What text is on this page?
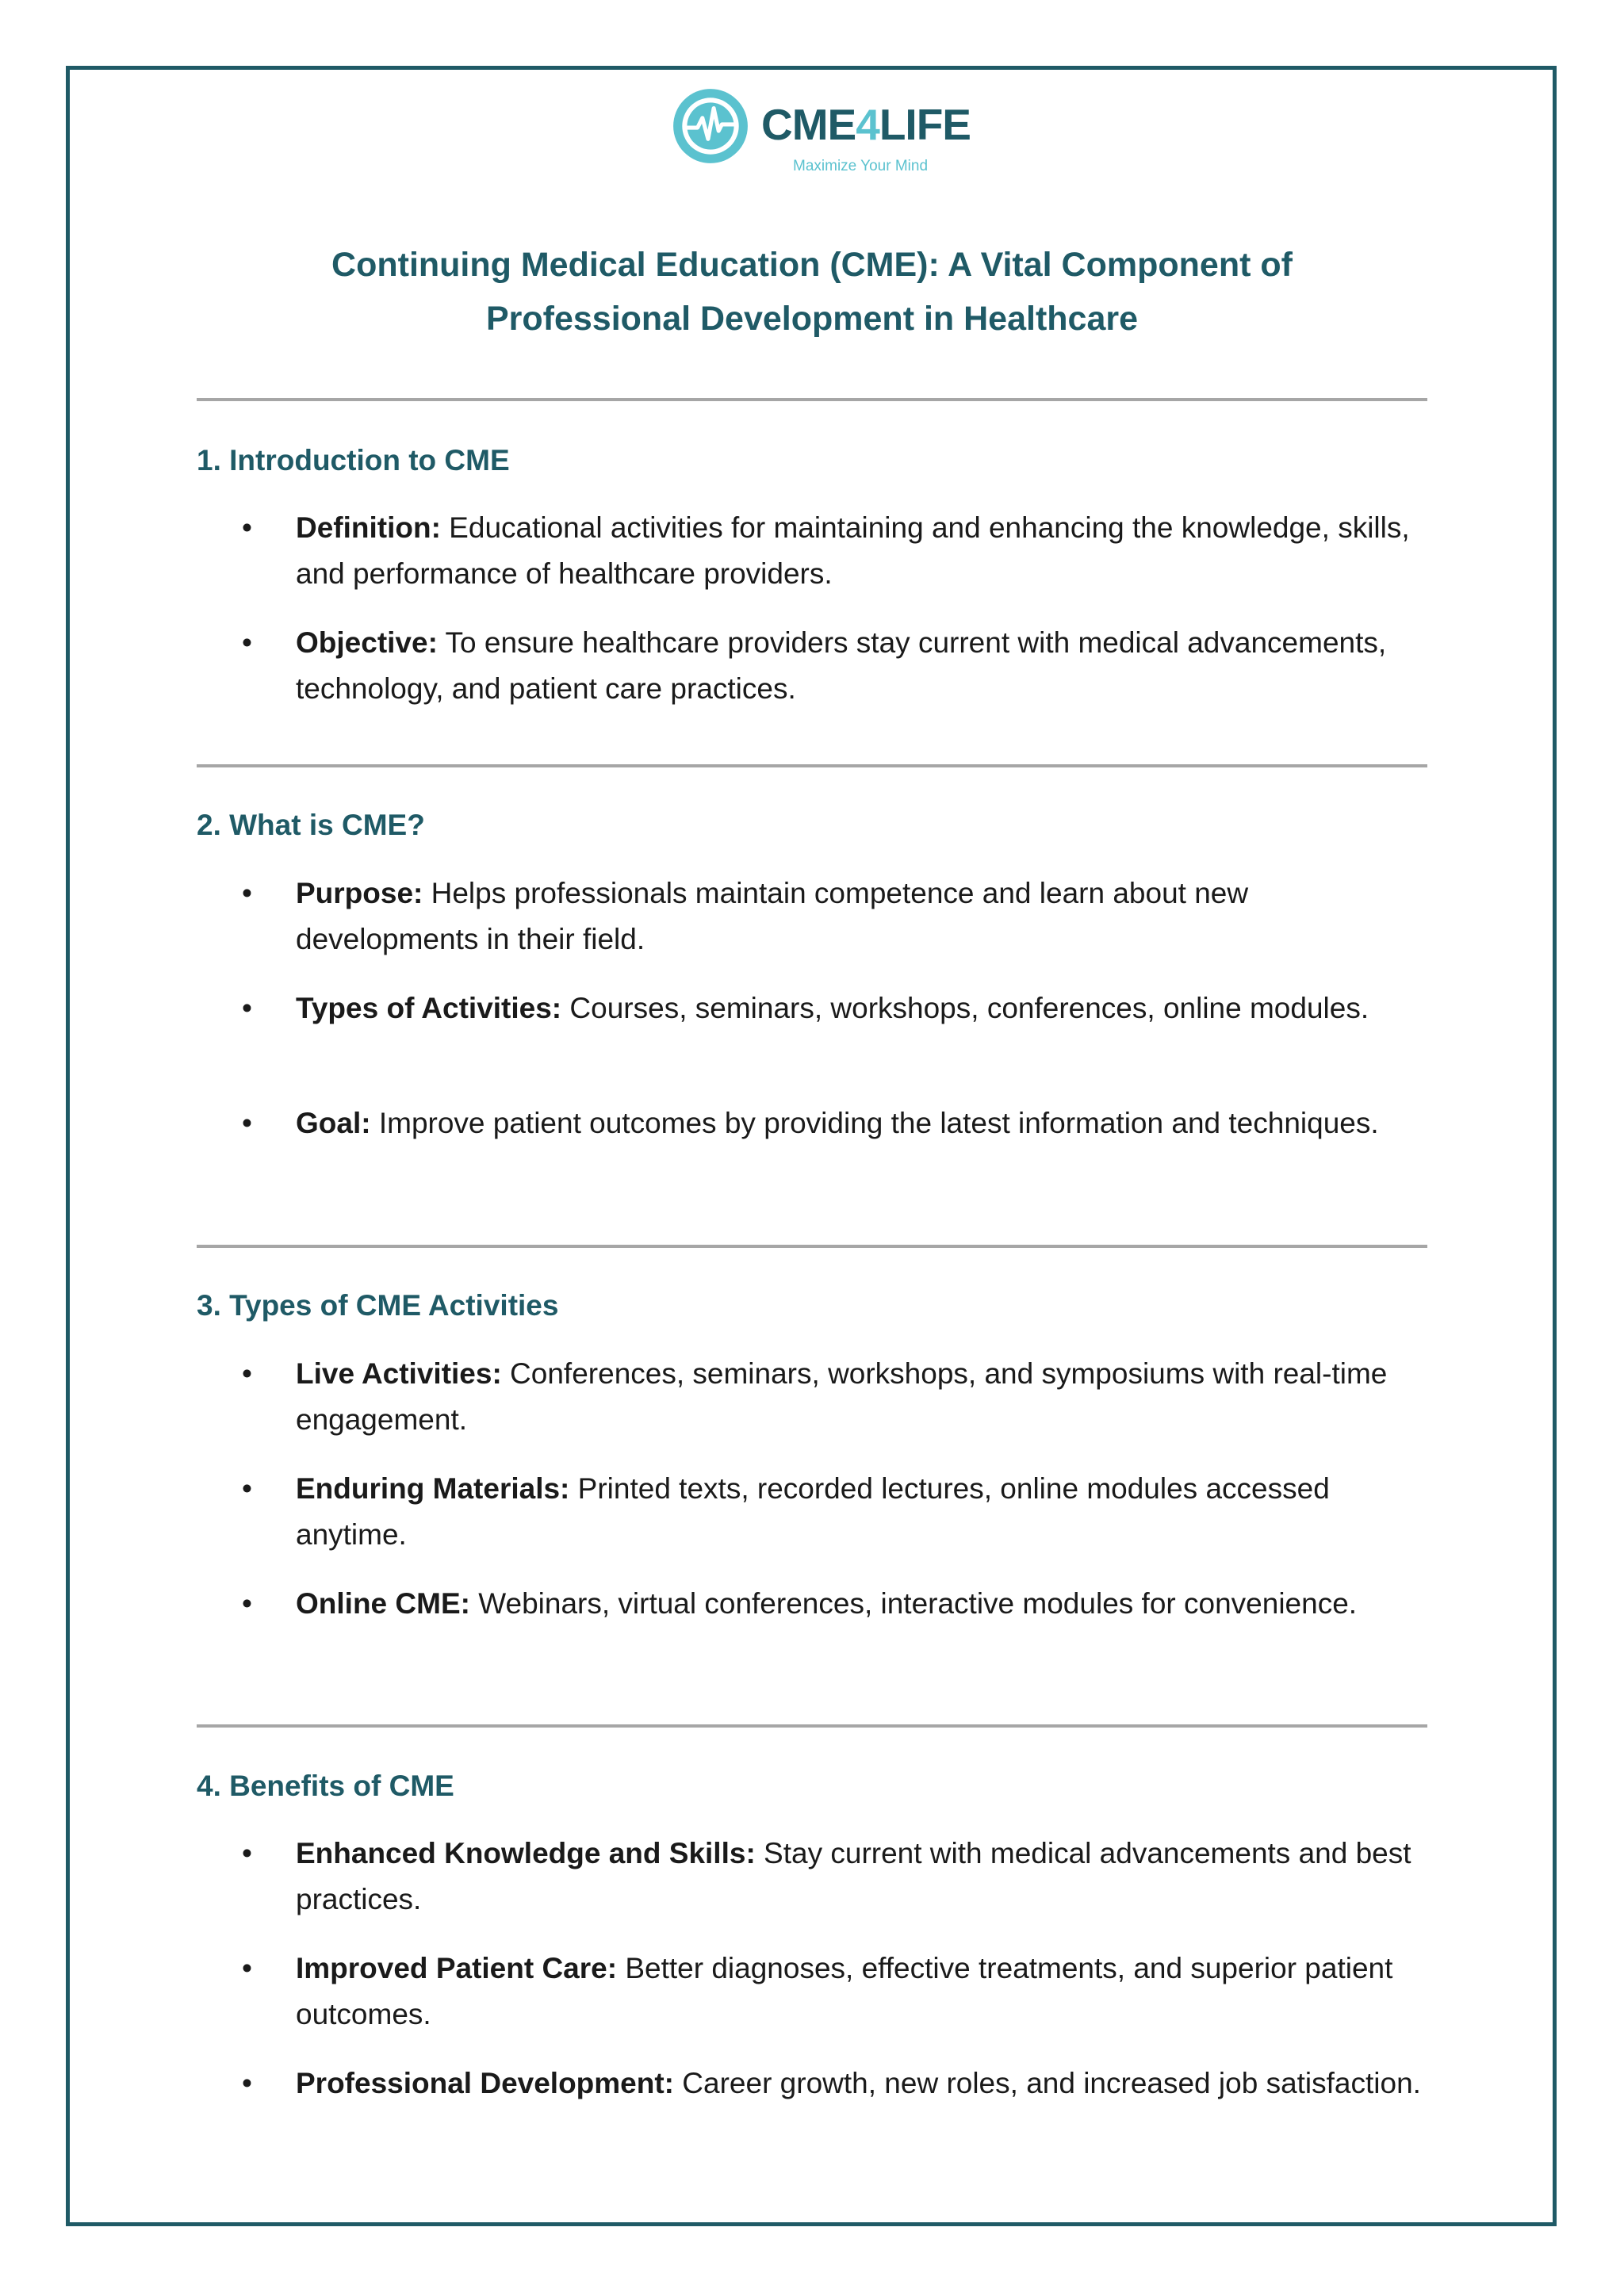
CME4LIFE
Maximize Your Mind
Continuing Medical Education (CME): A Vital Component of
Professional Development in Healthcare
1. Introduction to CME
• Definition: Educational activities for maintaining and enhancing the knowledge, skills, and performance of healthcare providers.
• Objective: To ensure healthcare providers stay current with medical advancements, technology, and patient care practices.
2. What is CME?
• Purpose: Helps professionals maintain competence and learn about new developments in their field.
• Types of Activities: Courses, seminars, workshops, conferences, online modules.
• Goal: Improve patient outcomes by providing the latest information and techniques.
3. Types of CME Activities
• Live Activities: Conferences, seminars, workshops, and symposiums with real-time engagement.
• Enduring Materials: Printed texts, recorded lectures, online modules accessed anytime.
• Online CME: Webinars, virtual conferences, interactive modules for convenience.
4. Benefits of CME
• Enhanced Knowledge and Skills: Stay current with medical advancements and best practices.
• Improved Patient Care: Better diagnoses, effective treatments, and superior patient outcomes.
• Professional Development: Career growth, new roles, and increased job satisfaction.
